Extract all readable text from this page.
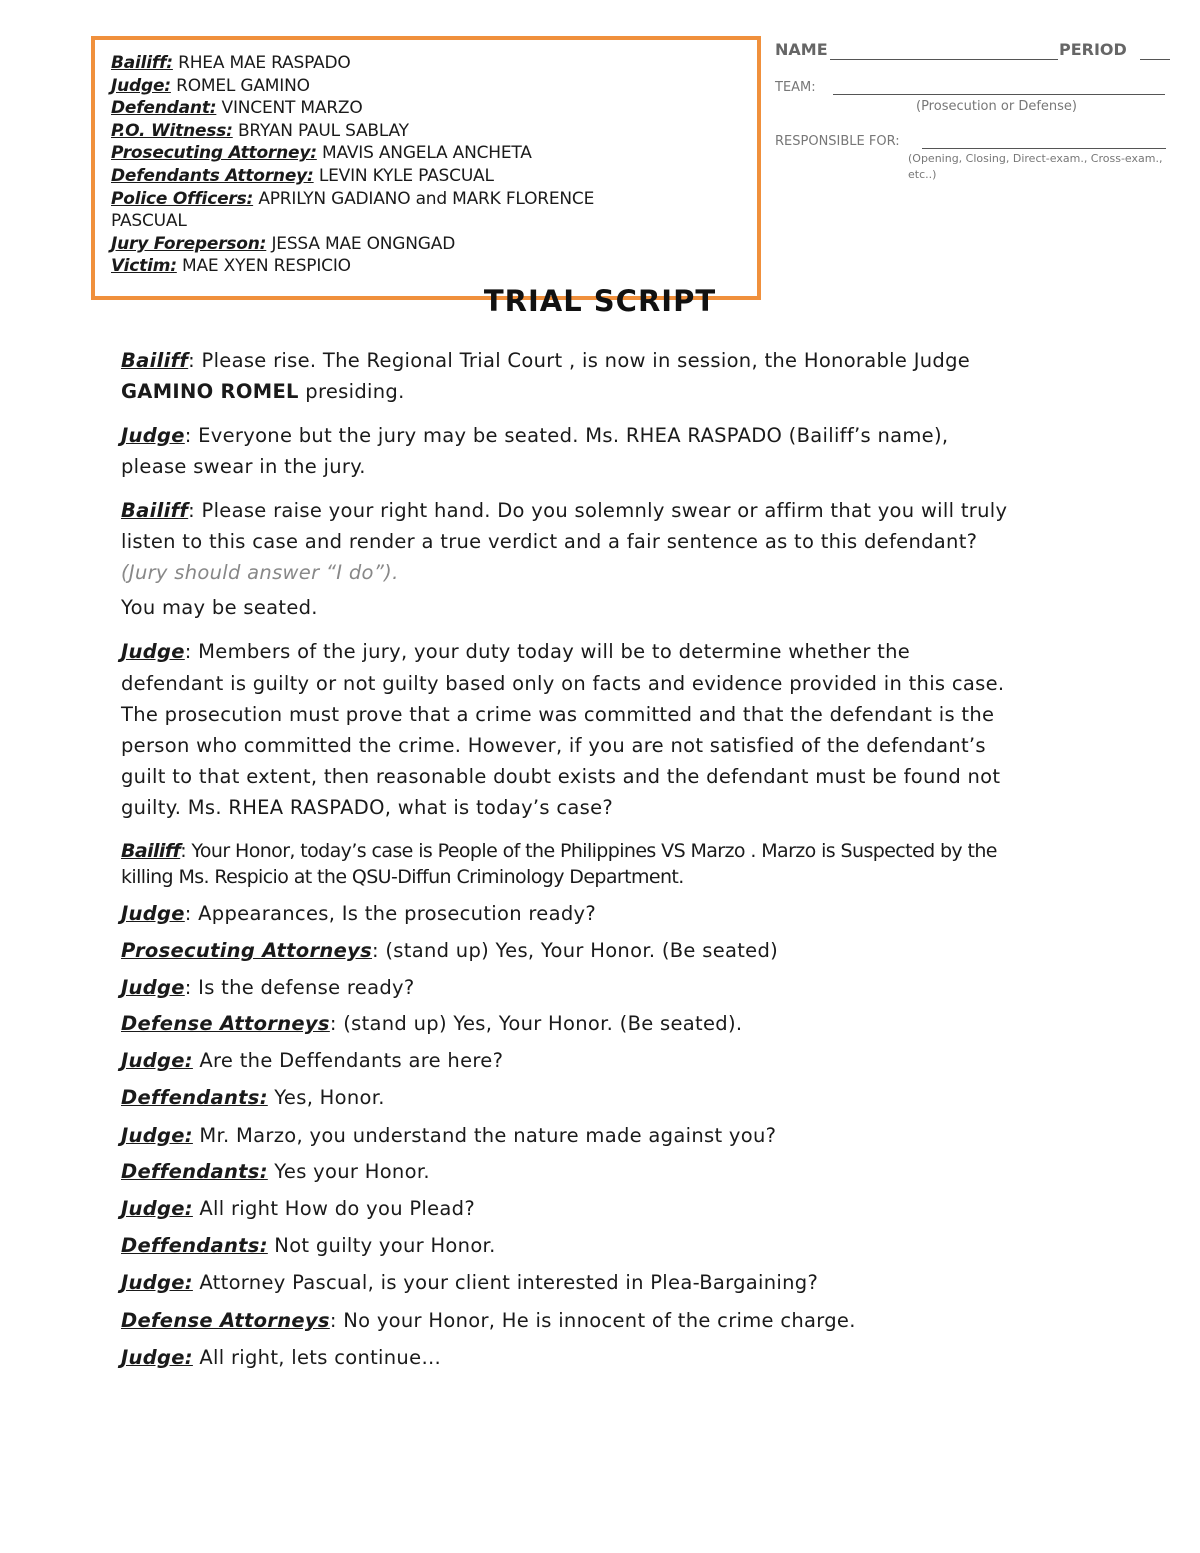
Bailiff: RHEA MAE RASPADO
Judge: ROMEL GAMINO
Defendant: VINCENT MARZO
P.O. Witness: BRYAN PAUL SABLAY
Prosecuting Attorney: MAVIS ANGELA ANCHETA
Defendants Attorney: LEVIN KYLE PASCUAL
Police Officers: APRILYN GADIANO and MARK FLORENCE
PASCUAL
Jury Foreperson: JESSA MAE ONGNGAD
Victim: MAE XYEN RESPICIO
NAME	PERIOD
TEAM:
(Prosecution or Defense)
RESPONSIBLE FOR:
(Opening, Closing, Direct-exam., Cross-exam.,
etc..)
TRIAL SCRIPT
Bailiff: Please rise. The Regional Trial Court , is now in session, the Honorable Judge
GAMINO ROMEL presiding.
Judge: Everyone but the jury may be seated. Ms. RHEA RASPADO (Bailiff’s name),
please swear in the jury.
Bailiff: Please raise your right hand. Do you solemnly swear or affirm that you will truly
listen to this case and render a true verdict and a fair sentence as to this defendant?
(Jury should answer “I do”).
You may be seated.
Judge: Members of the jury, your duty today will be to determine whether the
defendant is guilty or not guilty based only on facts and evidence provided in this case.
The prosecution must prove that a crime was committed and that the defendant is the
person who committed the crime. However, if you are not satisfied of the defendant’s
guilt to that extent, then reasonable doubt exists and the defendant must be found not
guilty. Ms. RHEA RASPADO, what is today’s case?
Bailiff: Your Honor, today’s case is People of the Philippines VS Marzo . Marzo is Suspected by the
killing Ms. Respicio at the QSU-Diffun Criminology Department.
Judge: Appearances, Is the prosecution ready?
Prosecuting Attorneys: (stand up) Yes, Your Honor. (Be seated)
Judge: Is the defense ready?
Defense Attorneys: (stand up) Yes, Your Honor. (Be seated).
Judge: Are the Deffendants are here?
Deffendants: Yes, Honor.
Judge: Mr. Marzo, you understand the nature made against you?
Deffendants: Yes your Honor.
Judge: All right How do you Plead?
Deffendants: Not guilty your Honor.
Judge: Attorney Pascual, is your client interested in Plea-Bargaining?
Defense Attorneys: No your Honor, He is innocent of the crime charge.
Judge: All right, lets continue…
